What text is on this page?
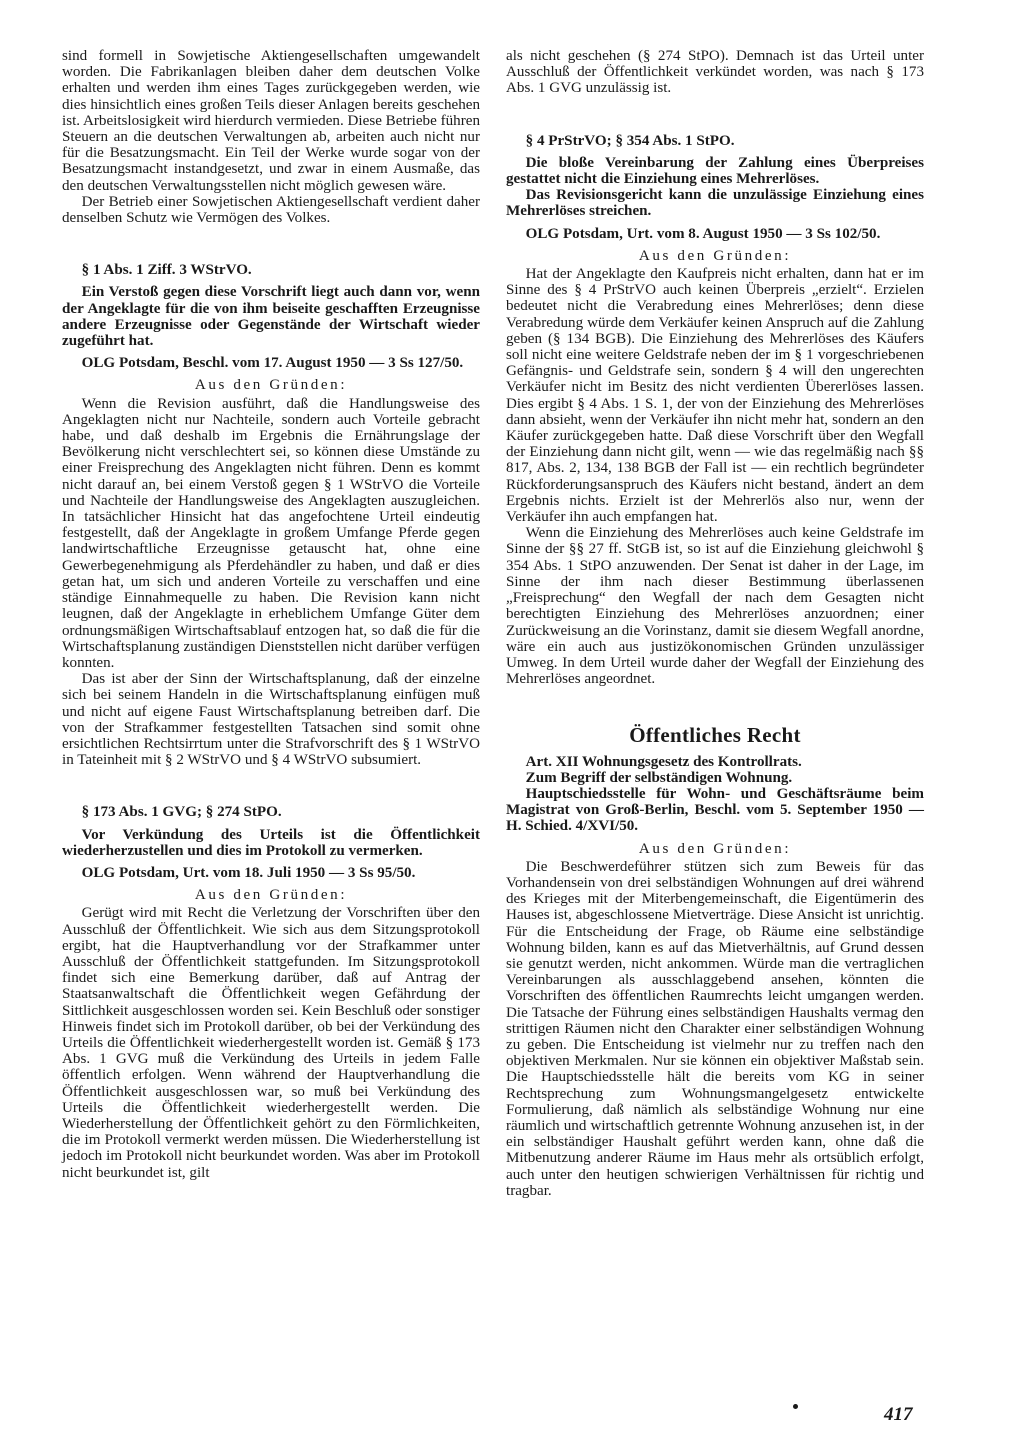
sind formell in Sowjetische Aktiengesellschaften umgewandelt worden. Die Fabrikanlagen bleiben daher dem deutschen Volke erhalten und werden ihm eines Tages zurückgegeben werden, wie dies hinsichtlich eines großen Teils dieser Anlagen bereits geschehen ist. Arbeitslosigkeit wird hierdurch vermieden. Diese Betriebe führen Steuern an die deutschen Verwaltungen ab, arbeiten auch nicht nur für die Besatzungsmacht. Ein Teil der Werke wurde sogar von der Besatzungsmacht instandgesetzt, und zwar in einem Ausmaße, das den deutschen Verwaltungsstellen nicht möglich gewesen wäre.

Der Betrieb einer Sowjetischen Aktiengesellschaft verdient daher denselben Schutz wie Vermögen des Volkes.

§ 1 Abs. 1 Ziff. 3 WStrVO.

Ein Verstoß gegen diese Vorschrift liegt auch dann vor, wenn der Angeklagte für die von ihm beiseite geschafften Erzeugnisse andere Erzeugnisse oder Gegenstände der Wirtschaft wieder zugeführt hat.

OLG Potsdam, Beschl. vom 17. August 1950 — 3 Ss 127/50.

Aus den Gründen:

Wenn die Revision ausführt, daß die Handlungsweise des Angeklagten nicht nur Nachteile, sondern auch Vorteile gebracht habe, und daß deshalb im Ergebnis die Ernährungslage der Bevölkerung nicht verschlechtert sei, so können diese Umstände zu einer Freisprechung des Angeklagten nicht führen. Denn es kommt nicht darauf an, bei einem Verstoß gegen § 1 WStrVO die Vorteile und Nachteile der Handlungsweise des Angeklagten auszugleichen. In tatsächlicher Hinsicht hat das angefochtene Urteil eindeutig festgestellt, daß der Angeklagte in großem Umfange Pferde gegen landwirtschaftliche Erzeugnisse getauscht hat, ohne eine Gewerbegenehmigung als Pferdehändler zu haben, und daß er dies getan hat, um sich und anderen Vorteile zu verschaffen und eine ständige Einnahmequelle zu haben. Die Revision kann nicht leugnen, daß der Angeklagte in erheblichem Umfange Güter dem ordnungsmäßigen Wirtschaftsablauf entzogen hat, so daß die für die Wirtschaftsplanung zuständigen Dienststellen nicht darüber verfügen konnten.

Das ist aber der Sinn der Wirtschaftsplanung, daß der einzelne sich bei seinem Handeln in die Wirtschaftsplanung einfügen muß und nicht auf eigene Faust Wirtschaftsplanung betreiben darf. Die von der Strafkammer festgestellten Tatsachen sind somit ohne ersichtlichen Rechtsirrtum unter die Strafvorschrift des § 1 WStrVO in Tateinheit mit § 2 WStrVO und § 4 WStrVO subsumiert.

§ 173 Abs. 1 GVG; § 274 StPO.

Vor Verkündung des Urteils ist die Öffentlichkeit wiederherzustellen und dies im Protokoll zu vermerken.

OLG Potsdam, Urt. vom 18. Juli 1950 — 3 Ss 95/50.

Aus den Gründen:

Gerügt wird mit Recht die Verletzung der Vorschriften über den Ausschluß der Öffentlichkeit. Wie sich aus dem Sitzungsprotokoll ergibt, hat die Hauptverhandlung vor der Strafkammer unter Ausschluß der Öffentlichkeit stattgefunden. Im Sitzungsprotokoll findet sich eine Bemerkung darüber, daß auf Antrag der Staatsanwaltschaft die Öffentlichkeit wegen Gefährdung der Sittlichkeit ausgeschlossen worden sei. Kein Beschluß oder sonstiger Hinweis findet sich im Protokoll darüber, ob bei der Verkündung des Urteils die Öffentlichkeit wiederhergestellt worden ist. Gemäß § 173 Abs. 1 GVG muß die Verkündung des Urteils in jedem Falle öffentlich erfolgen. Wenn während der Hauptverhandlung die Öffentlichkeit ausgeschlossen war, so muß bei Verkündung des Urteils die Öffentlichkeit wiederhergestellt werden. Die Wiederherstellung der Öffentlichkeit gehört zu den Förmlichkeiten, die im Protokoll vermerkt werden müssen. Die Wiederherstellung ist jedoch im Protokoll nicht beurkundet worden. Was aber im Protokoll nicht beurkundet ist, gilt

als nicht geschehen (§ 274 StPO). Demnach ist das Urteil unter Ausschluß der Öffentlichkeit verkündet worden, was nach § 173 Abs. 1 GVG unzulässig ist.

§ 4 PrStrVO; § 354 Abs. 1 StPO.

Die bloße Vereinbarung der Zahlung eines Überpreises gestattet nicht die Einziehung eines Mehrerlöses.

Das Revisionsgericht kann die unzulässige Einziehung eines Mehrerlöses streichen.

OLG Potsdam, Urt. vom 8. August 1950 — 3 Ss 102/50.

Aus den Gründen:

Hat der Angeklagte den Kaufpreis nicht erhalten, dann hat er im Sinne des § 4 PrStrVO auch keinen Überpreis „erzielt“. Erzielen bedeutet nicht die Verabredung eines Mehrerlöses; denn diese Verabredung würde dem Verkäufer keinen Anspruch auf die Zahlung geben (§ 134 BGB). Die Einziehung des Mehrerlöses des Käufers soll nicht eine weitere Geldstrafe neben der im § 1 vorgeschriebenen Gefängnis- und Geldstrafe sein, sondern § 4 will den ungerechten Verkäufer nicht im Besitz des nicht verdienten Übererlöses lassen. Dies ergibt § 4 Abs. 1 S. 1, der von der Einziehung des Mehrerlöses dann absieht, wenn der Verkäufer ihn nicht mehr hat, sondern an den Käufer zurückgegeben hatte. Daß diese Vorschrift über den Wegfall der Einziehung dann nicht gilt, wenn — wie das regelmäßig nach §§ 817, Abs. 2, 134, 138 BGB der Fall ist — ein rechtlich begründeter Rückforderungsanspruch des Käufers nicht bestand, ändert an dem Ergebnis nichts. Erzielt ist der Mehrerlös also nur, wenn der Verkäufer ihn auch empfangen hat.

Wenn die Einziehung des Mehrerlöses auch keine Geldstrafe im Sinne der §§ 27 ff. StGB ist, so ist auf die Einziehung gleichwohl § 354 Abs. 1 StPO anzuwenden. Der Senat ist daher in der Lage, im Sinne der ihm nach dieser Bestimmung überlassenen „Freisprechung“ den Wegfall der nach dem Gesagten nicht berechtigten Einziehung des Mehrerlöses anzuordnen; einer Zurückweisung an die Vorinstanz, damit sie diesem Wegfall anordne, wäre ein auch aus justizökonomischen Gründen unzulässiger Umweg. In dem Urteil wurde daher der Wegfall der Einziehung des Mehrerlöses angeordnet.

Öffentliches Recht

Art. XII Wohnungsgesetz des Kontrollrats.

Zum Begriff der selbständigen Wohnung.

Hauptschiedsstelle für Wohn- und Geschäftsräume beim Magistrat von Groß-Berlin, Beschl. vom 5. September 1950 — H. Schied. 4/XVI/50.

Aus den Gründen:

Die Beschwerdeführer stützen sich zum Beweis für das Vorhandensein von drei selbständigen Wohnungen auf drei während des Krieges mit der Miterbengemeinschaft, die Eigentümerin des Hauses ist, abgeschlossene Mietverträge. Diese Ansicht ist unrichtig. Für die Entscheidung der Frage, ob Räume eine selbständige Wohnung bilden, kann es auf das Mietverhältnis, auf Grund dessen sie genutzt werden, nicht ankommen. Würde man die vertraglichen Vereinbarungen als ausschlaggebend ansehen, könnten die Vorschriften des öffentlichen Raumrechts leicht umgangen werden. Die Tatsache der Führung eines selbständigen Haushalts vermag den strittigen Räumen nicht den Charakter einer selbständigen Wohnung zu geben. Die Entscheidung ist vielmehr nur zu treffen nach den objektiven Merkmalen. Nur sie können ein objektiver Maßstab sein. Die Hauptschiedsstelle hält die bereits vom KG in seiner Rechtsprechung zum Wohnungsmangelgesetz entwickelte Formulierung, daß nämlich als selbständige Wohnung nur eine räumlich und wirtschaftlich getrennte Wohnung anzusehen ist, in der ein selbständiger Haushalt geführt werden kann, ohne daß die Mitbenutzung anderer Räume im Haus mehr als ortsüblich erfolgt, auch unter den heutigen schwierigen Verhältnissen für richtig und tragbar.

417
